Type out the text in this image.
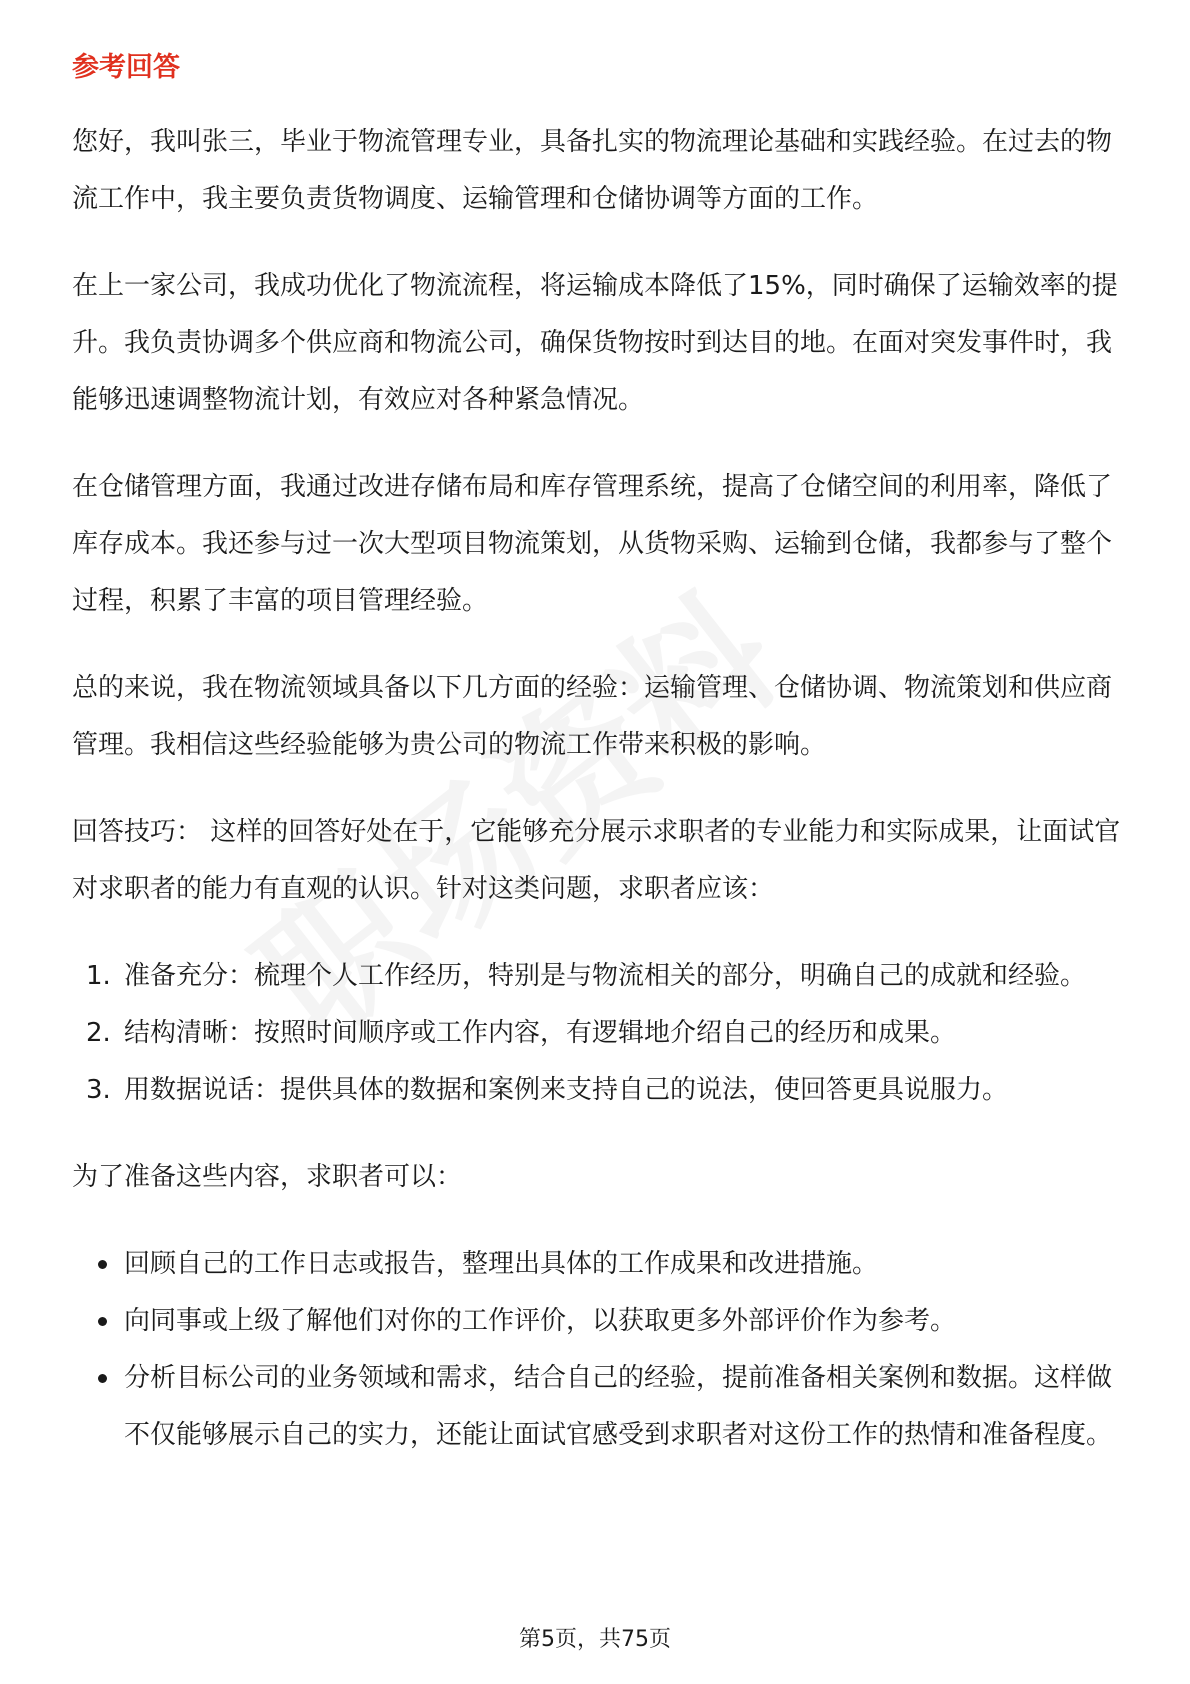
参考回答

您好，我叫张三，毕业于物流管理专业，具备扎实的物流理论基础和实践经验。在过去的物流工作中，我主要负责货物调度、运输管理和仓储协调等方面的工作。

在上一家公司，我成功优化了物流流程，将运输成本降低了15%，同时确保了运输效率的提升。我负责协调多个供应商和物流公司，确保货物按时到达目的地。在面对突发事件时，我能够迅速调整物流计划，有效应对各种紧急情况。

在仓储管理方面，我通过改进存储布局和库存管理系统，提高了仓储空间的利用率，降低了库存成本。我还参与过一次大型项目物流策划，从货物采购、运输到仓储，我都参与了整个过程，积累了丰富的项目管理经验。

总的来说，我在物流领域具备以下几方面的经验：运输管理、仓储协调、物流策划和供应商管理。我相信这些经验能够为贵公司的物流工作带来积极的影响。

回答技巧： 这样的回答好处在于，它能够充分展示求职者的专业能力和实际成果，让面试官对求职者的能力有直观的认识。针对这类问题，求职者应该：

1. 准备充分：梳理个人工作经历，特别是与物流相关的部分，明确自己的成就和经验。
2. 结构清晰：按照时间顺序或工作内容，有逻辑地介绍自己的经历和成果。
3. 用数据说话：提供具体的数据和案例来支持自己的说法，使回答更具说服力。

为了准备这些内容，求职者可以：

回顾自己的工作日志或报告，整理出具体的工作成果和改进措施。
向同事或上级了解他们对你的工作评价，以获取更多外部评价作为参考。
分析目标公司的业务领域和需求，结合自己的经验，提前准备相关案例和数据。这样做不仅能够展示自己的实力，还能让面试官感受到求职者对这份工作的热情和准备程度。
第5页，共75页
